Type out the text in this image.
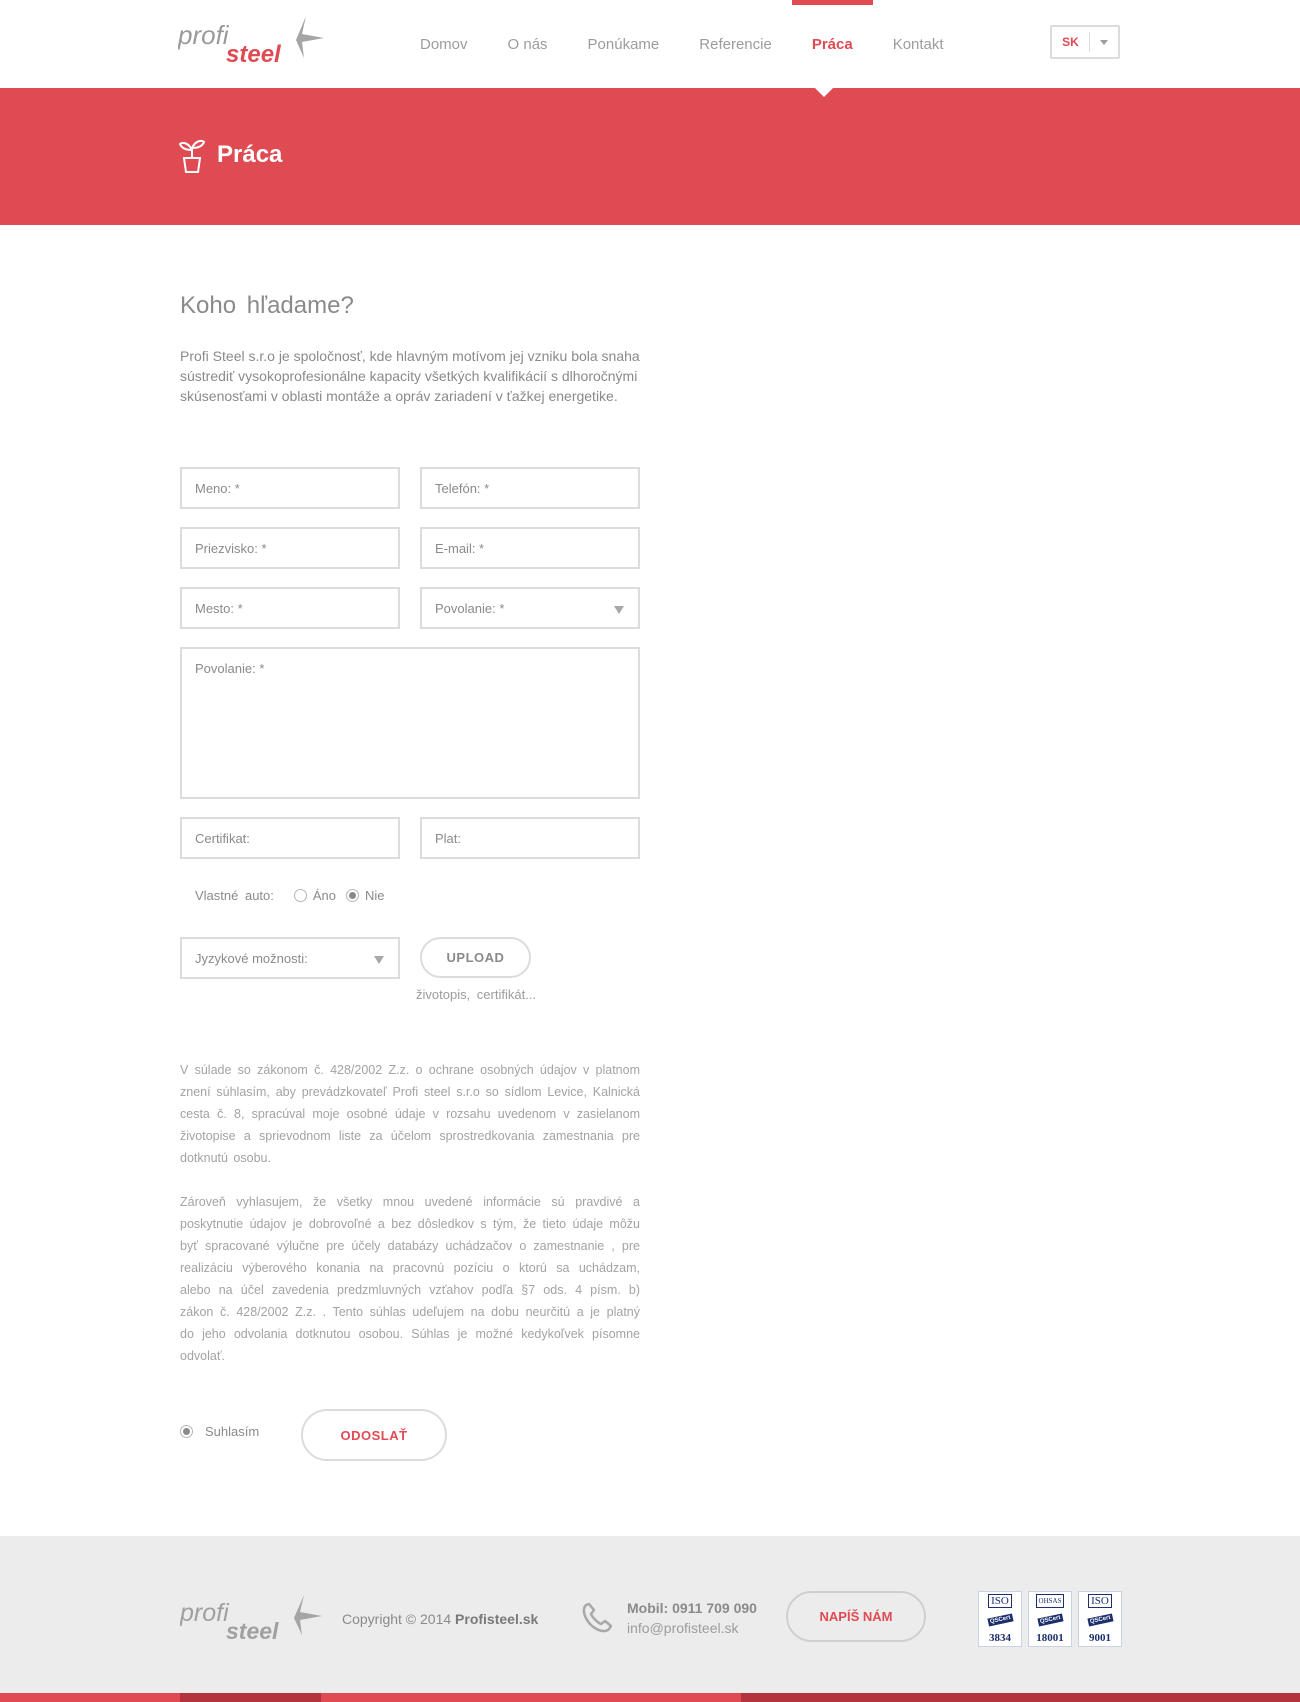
profi
steel	Domov	O nás	Ponúkame	Referencie	Práca	Kontakt	SK
Práca
Koho hľadame?
Profi Steel s.r.o je spoločnosť, kde hlavným motívom jej vzniku bola snaha sústrediť vysokoprofesionálne kapacity všetkých kvalifikácií s dlhoročnými skúsenosťami v oblasti montáže a opráv zariadení v ťažkej energetike.
Meno: *	Telefón: *
Priezvisko: *	E-mail: *
Mesto: *	Povolanie: *
Povolanie: *
Certifikat:	Plat:
Vlastné auto:	Áno Nie
Jyzykové možnosti:	UPLOAD
životopis, certifikát...
V súlade so zákonom č. 428/2002 Z.z. o ochrane osobných údajov v platnom znení súhlasím, aby prevádzkovateľ Profi steel s.r.o so sídlom Levice, Kalnická cesta č. 8, spracúval moje osobné údaje v rozsahu uvedenom v zasielanom životopise a sprievodnom liste za účelom sprostredkovania zamestnania pre dotknutú osobu.
Zároveň vyhlasujem, že všetky mnou uvedené informácie sú pravdivé a poskytnutie údajov je dobrovoľné a bez dôsledkov s tým, že tieto údaje môžu byť spracované výlučne pre účely databázy uchádzačov o zamestnanie , pre realizáciu výberového konania na pracovnú pozíciu o ktorú sa uchádzam, alebo na účel zavedenia predzmluvných vzťahov podľa §7 ods. 4 písm. b) zákon č. 428/2002 Z.z. . Tento súhlas udeľujem na dobu neurčitú a je platný do jeho odvolania dotknutou osobou. Súhlas je možné kedykoľvek písomne odvolať.
Suhlasím	ODOSLAŤ
profi
steel	Copyright © 2014 Profisteel.sk
Mobil: 0911 709 090
info@profisteel.sk
NAPÍŠ NÁM
ISO
QSCert
3834
OHSAS
QSCert
18001
ISO
QSCert
9001
